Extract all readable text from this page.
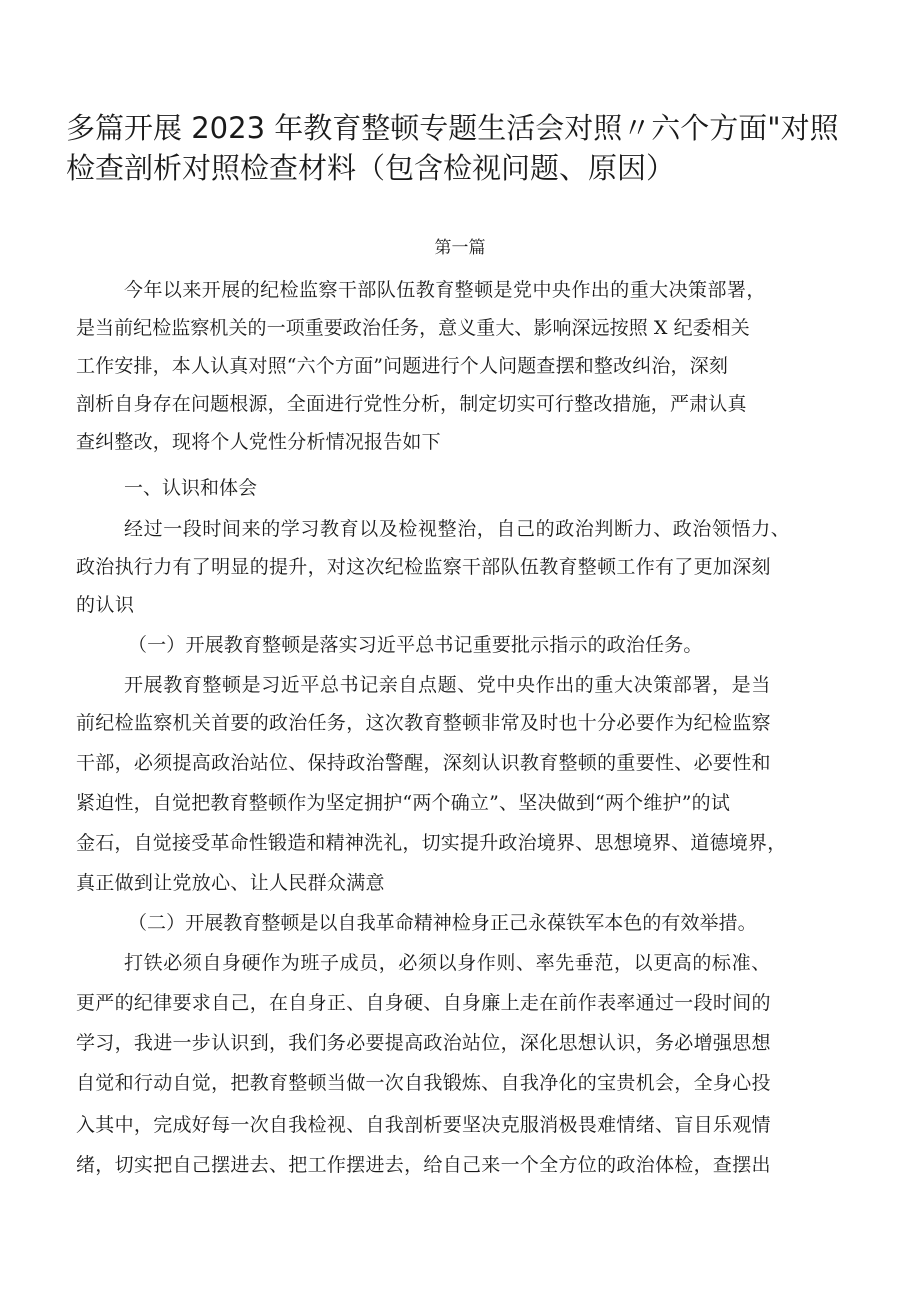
多篇开展 2023 年教育整顿专题生活会对照〃六个方面"对照
检查剖析对照检查材料（包含检视问题、原因）
第一篇
今年以来开展的纪检监察干部队伍教育整顿是党中央作出的重大决策部署，
是当前纪检监察机关的一项重要政治任务，意义重大、影响深远按照 X 纪委相关
工作安排，本人认真对照“六个方面”问题进行个人问题查摆和整改纠治，深刻
剖析自身存在问题根源，全面进行党性分析，制定切实可行整改措施，严肃认真
查纠整改，现将个人党性分析情况报告如下
一、认识和体会
经过一段时间来的学习教育以及检视整治，自己的政治判断力、政治领悟力、
政治执行力有了明显的提升，对这次纪检监察干部队伍教育整顿工作有了更加深刻
的认识
（一）开展教育整顿是落实习近平总书记重要批示指示的政治任务。
开展教育整顿是习近平总书记亲自点题、党中央作出的重大决策部署，是当
前纪检监察机关首要的政治任务，这次教育整顿非常及时也十分必要作为纪检监察
干部，必须提高政治站位、保持政治警醒，深刻认识教育整顿的重要性、必要性和
紧迫性，自觉把教育整顿作为坚定拥护“两个确立”、坚决做到“两个维护”的试
金石，自觉接受革命性锻造和精神洗礼，切实提升政治境界、思想境界、道德境界，
真正做到让党放心、让人民群众满意
（二）开展教育整顿是以自我革命精神检身正己永葆铁军本色的有效举措。
打铁必须自身硬作为班子成员，必须以身作则、率先垂范，以更高的标准、
更严的纪律要求自己，在自身正、自身硬、自身廉上走在前作表率通过一段时间的
学习，我进一步认识到，我们务必要提高政治站位，深化思想认识，务必增强思想
自觉和行动自觉，把教育整顿当做一次自我锻炼、自我净化的宝贵机会，全身心投
入其中，完成好每一次自我检视、自我剖析要坚决克服消极畏难情绪、盲目乐观情
绪，切实把自己摆进去、把工作摆进去，给自己来一个全方位的政治体检，查摆出
